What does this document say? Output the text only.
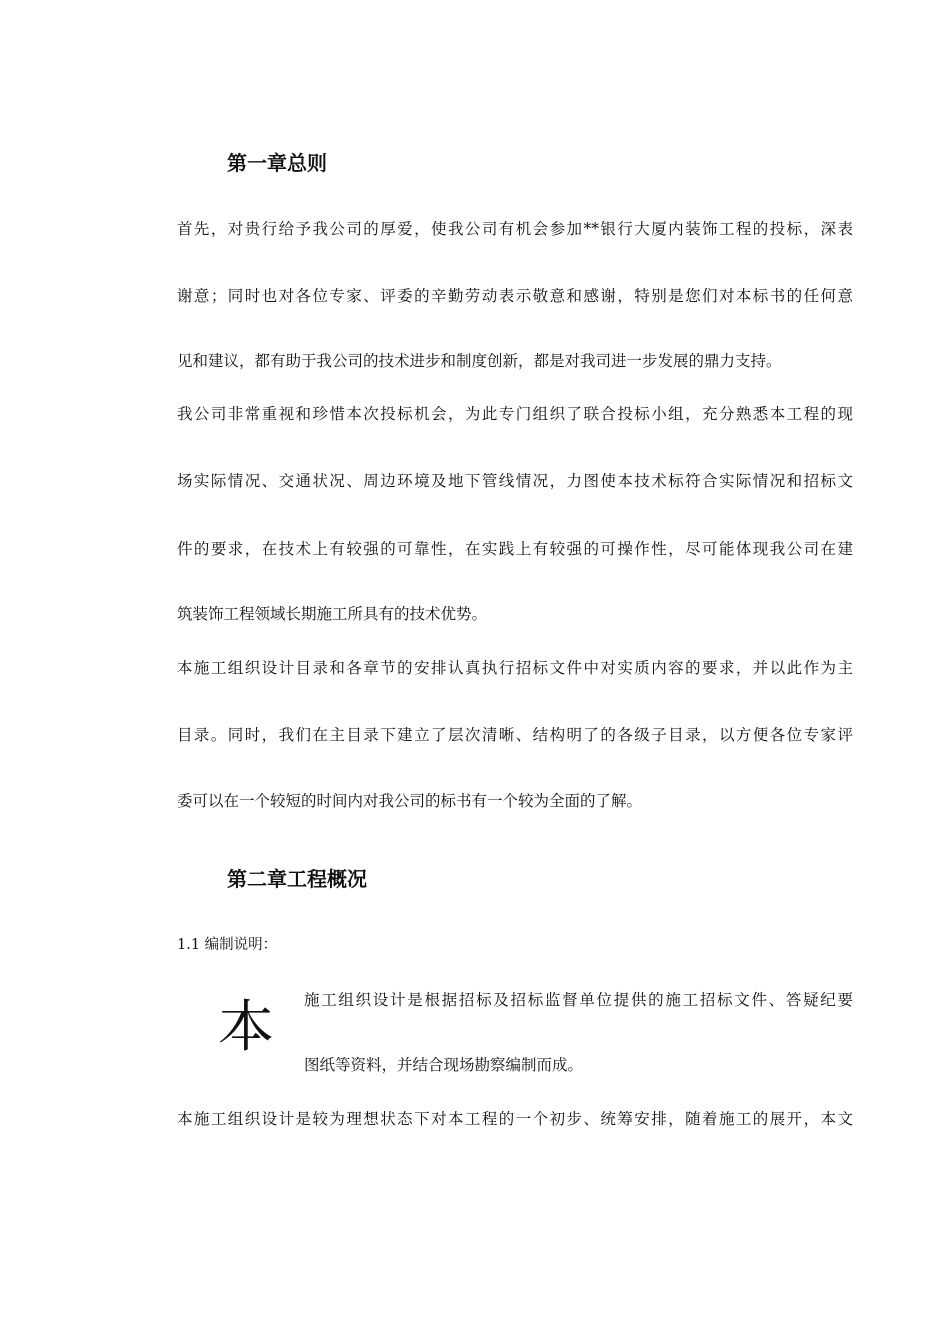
第一章总则
首先，对贵行给予我公司的厚爱，使我公司有机会参加**银行大厦内装饰工程的投标，深表
谢意；同时也对各位专家、评委的辛勤劳动表示敬意和感谢，特别是您们对本标书的任何意
见和建议，都有助于我公司的技术进步和制度创新，都是对我司进一步发展的鼎力支持。
我公司非常重视和珍惜本次投标机会，为此专门组织了联合投标小组，充分熟悉本工程的现
场实际情况、交通状况、周边环境及地下管线情况，力图使本技术标符合实际情况和招标文
件的要求，在技术上有较强的可靠性，在实践上有较强的可操作性，尽可能体现我公司在建
筑装饰工程领域长期施工所具有的技术优势。
本施工组织设计目录和各章节的安排认真执行招标文件中对实质内容的要求，并以此作为主
目录。同时，我们在主目录下建立了层次清晰、结构明了的各级子目录，以方便各位专家评
委可以在一个较短的时间内对我公司的标书有一个较为全面的了解。
第二章工程概况
1.1 编制说明：
本 施工组织设计是根据招标及招标监督单位提供的施工招标文件、答疑纪要
图纸等资料，并结合现场勘察编制而成。
本施工组织设计是较为理想状态下对本工程的一个初步、统筹安排，随着施工的展开，本文
